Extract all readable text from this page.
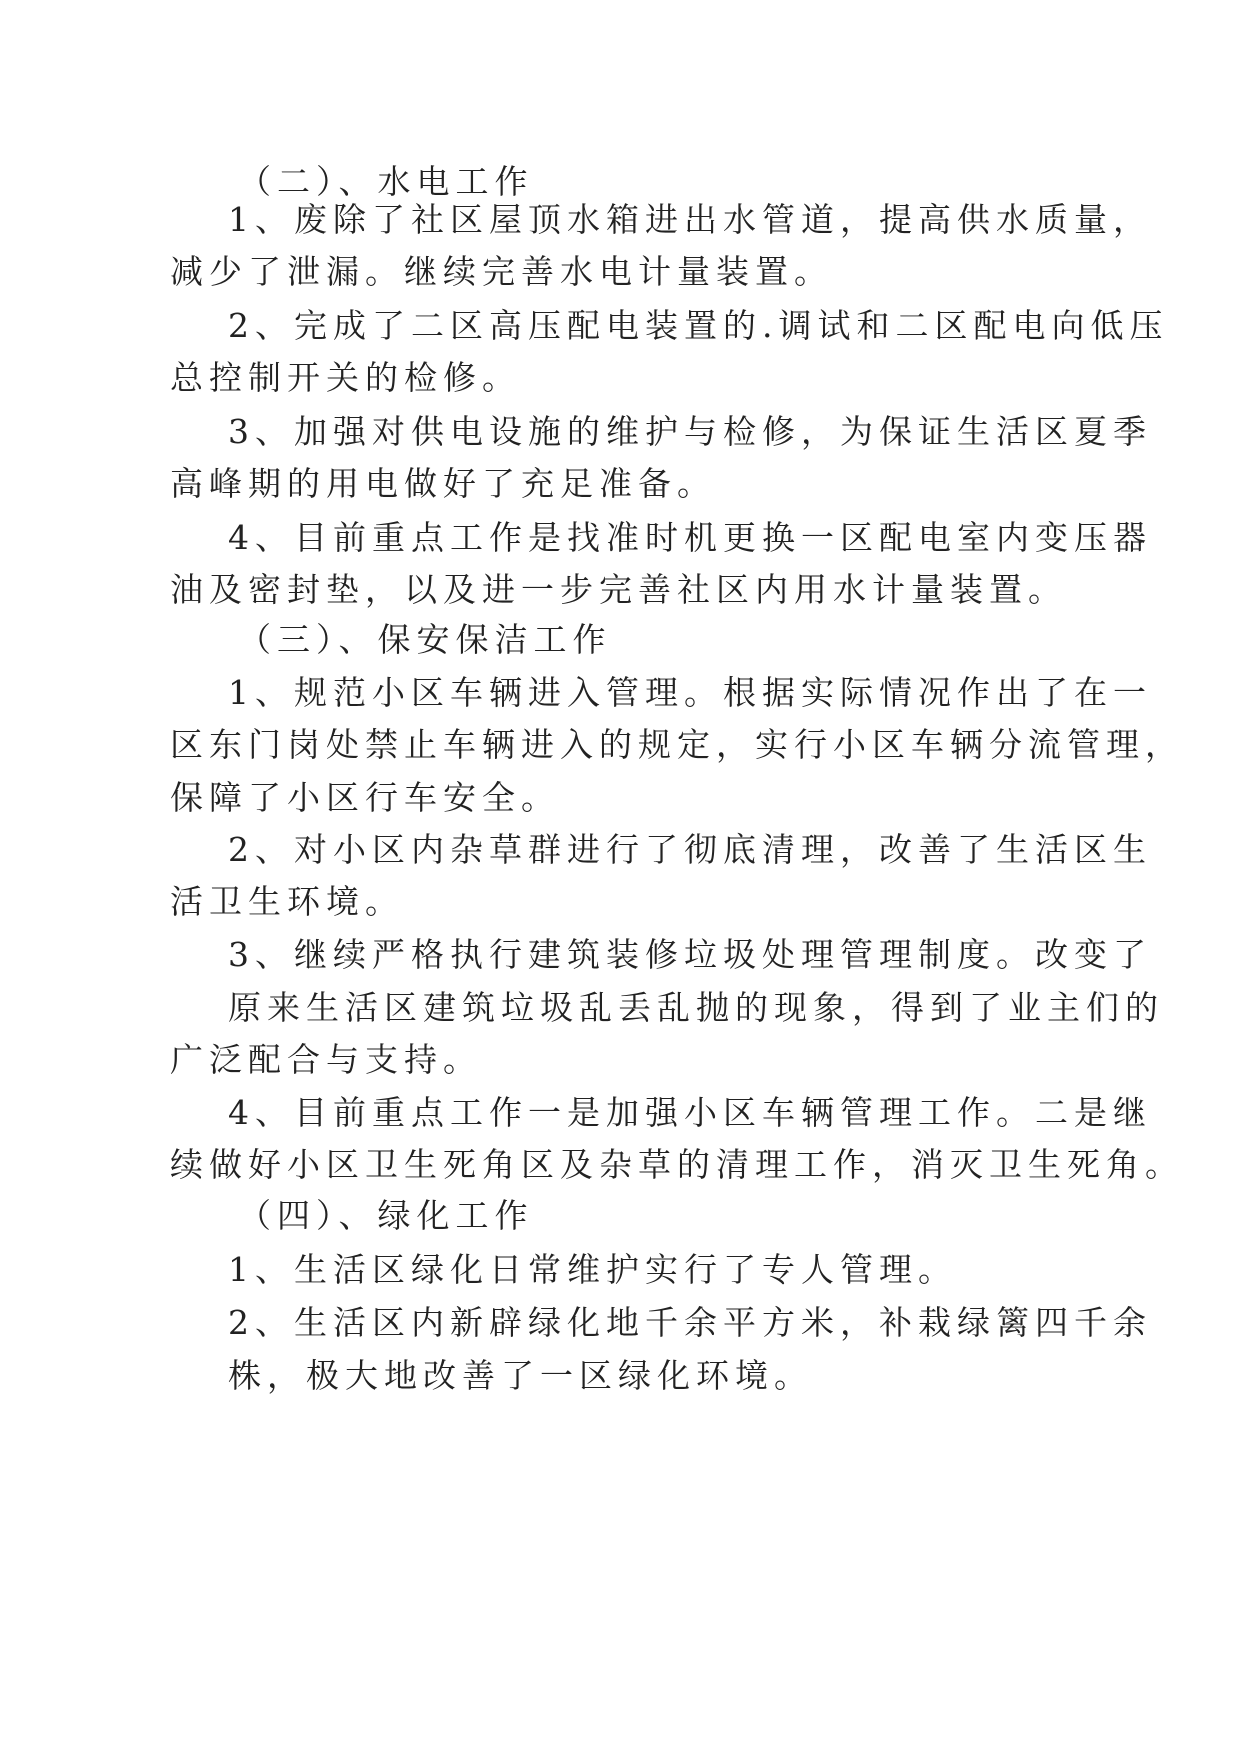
（二）、水电工作
1、废除了社区屋顶水箱进出水管道，提高供水质量，
减少了泄漏。继续完善水电计量装置。
2、完成了二区高压配电装置的.调试和二区配电向低压
总控制开关的检修。
3、加强对供电设施的维护与检修，为保证生活区夏季
高峰期的用电做好了充足准备。
4、目前重点工作是找准时机更换一区配电室内变压器
油及密封垫，以及进一步完善社区内用水计量装置。
（三）、保安保洁工作
1、规范小区车辆进入管理。根据实际情况作出了在一
区东门岗处禁止车辆进入的规定，实行小区车辆分流管理，
保障了小区行车安全。
2、对小区内杂草群进行了彻底清理，改善了生活区生
活卫生环境。
3、继续严格执行建筑装修垃圾处理管理制度。改变了
原来生活区建筑垃圾乱丢乱抛的现象，得到了业主们的
广泛配合与支持。
4、目前重点工作一是加强小区车辆管理工作。二是继
续做好小区卫生死角区及杂草的清理工作，消灭卫生死角。
（四）、绿化工作
1、生活区绿化日常维护实行了专人管理。
2、生活区内新辟绿化地千余平方米，补栽绿篱四千余
株，极大地改善了一区绿化环境。
